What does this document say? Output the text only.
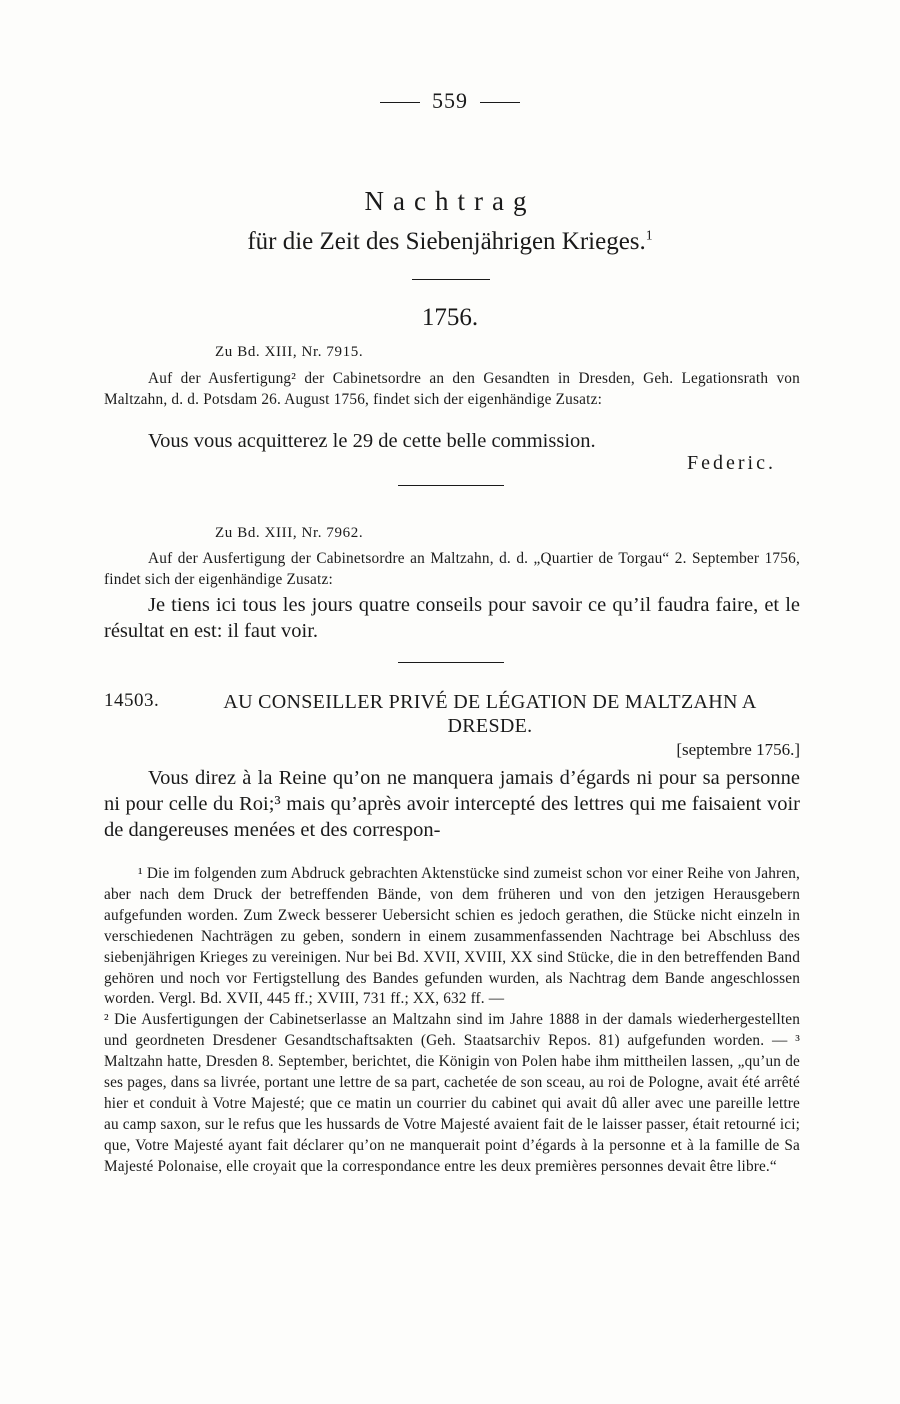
559
Nachtrag
für die Zeit des Siebenjährigen Krieges.$^1$
1756.
Zu Bd. XIII, Nr. 7915.

Auf der Ausfertigung² der Cabinetsordre an den Gesandten in Dresden, Geh. Legationsrath von Maltzahn, d. d. Potsdam 26. August 1756, findet sich der eigenhändige Zusatz:

Vous vous acquitterez le 29 de cette belle commission.

Federic.
Zu Bd. XIII, Nr. 7962.

Auf der Ausfertigung der Cabinetsordre an Maltzahn, d. d. „Quartier de Torgau“ 2. September 1756, findet sich der eigenhändige Zusatz:

Je tiens ici tous les jours quatre conseils pour savoir ce qu’il faudra faire, et le résultat en est: il faut voir.

14503.	AU CONSEILLER PRIVÉ DE LÉGATION DE MALTZAHN A DRESDE.
[septembre 1756.]

Vous direz à la Reine qu’on ne manquera jamais d’égards ni pour sa personne ni pour celle du Roi;³ mais qu’après avoir intercepté des lettres qui me faisaient voir de dangereuses menées et des correspon-

¹ Die im folgenden zum Abdruck gebrachten Aktenstücke sind zumeist schon vor einer Reihe von Jahren, aber nach dem Druck der betreffenden Bände, von dem früheren und von den jetzigen Herausgebern aufgefunden worden. Zum Zweck besserer Uebersicht schien es jedoch gerathen, die Stücke nicht einzeln in verschiedenen Nachträgen zu geben, sondern in einem zusammenfassenden Nachtrage bei Abschluss des siebenjährigen Krieges zu vereinigen. Nur bei Bd. XVII, XVIII, XX sind Stücke, die in den betreffenden Band gehören und noch vor Fertigstellung des Bandes gefunden wurden, als Nachtrag dem Bande angeschlossen worden. Vergl. Bd. XVII, 445 ff.; XVIII, 731 ff.; XX, 632 ff. —

² Die Ausfertigungen der Cabinetserlasse an Maltzahn sind im Jahre 1888 in der damals wiederhergestellten und geordneten Dresdener Gesandtschaftsakten (Geh. Staatsarchiv Repos. 81) aufgefunden worden. — ³ Maltzahn hatte, Dresden 8. September, berichtet, die Königin von Polen habe ihm mittheilen lassen, „qu’un de ses pages, dans sa livrée, portant une lettre de sa part, cachetée de son sceau, au roi de Pologne, avait été arrêté hier et conduit à Votre Majesté; que ce matin un courrier du cabinet qui avait dû aller avec une pareille lettre au camp saxon, sur le refus que les hussards de Votre Majesté avaient fait de le laisser passer, était retourné ici; que, Votre Majesté ayant fait déclarer qu’on ne manquerait point d’égards à la personne et à la famille de Sa Majesté Polonaise, elle croyait que la correspondance entre les deux premières personnes devait être libre.“
